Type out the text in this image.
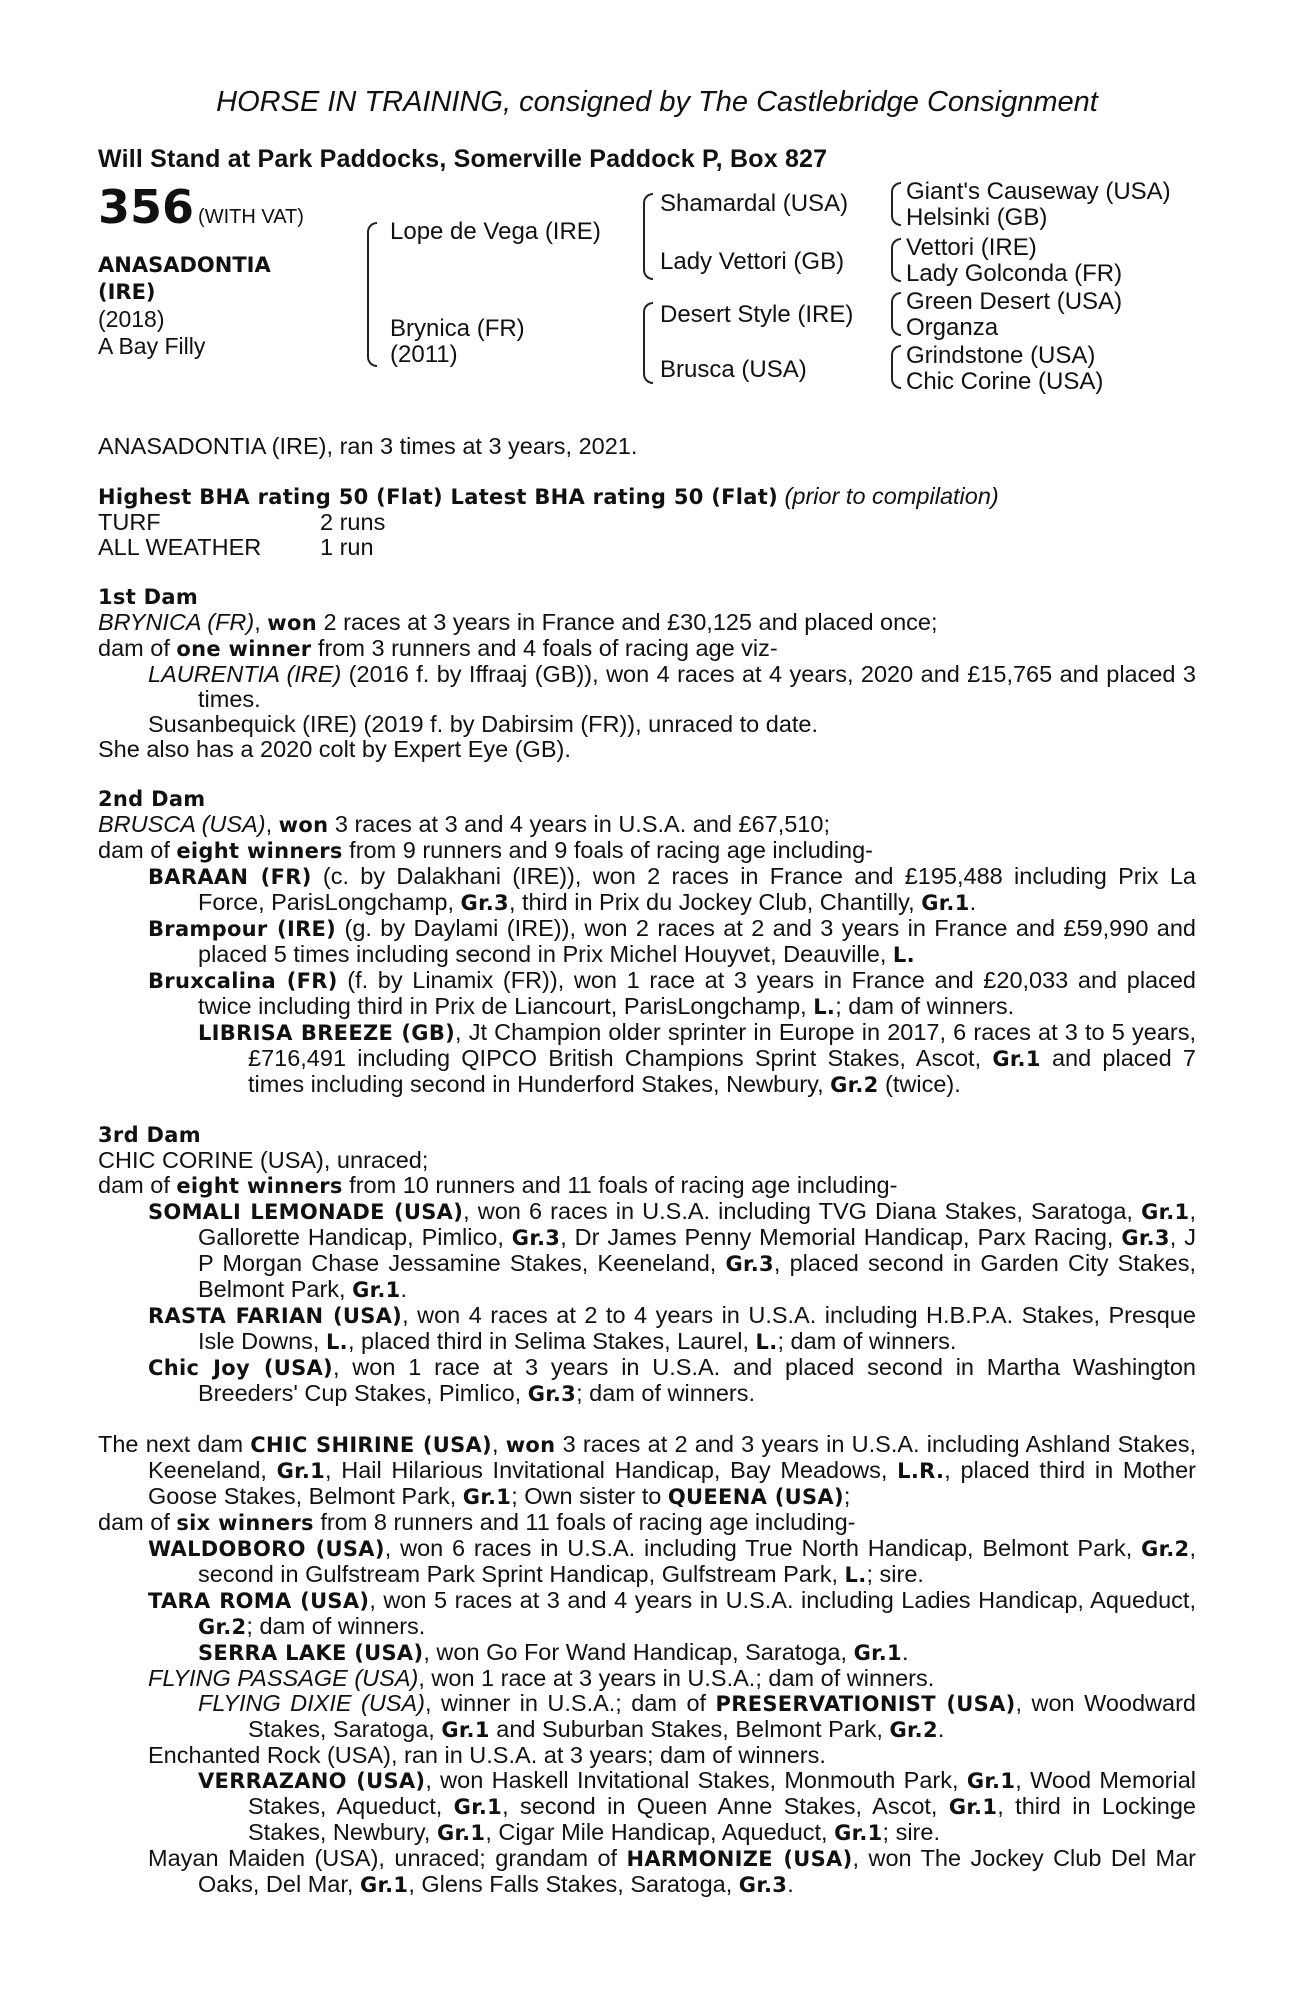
HORSE IN TRAINING, consigned by The Castlebridge Consignment
Will Stand at Park Paddocks, Somerville Paddock P, Box 827
356 (WITH VAT)
ANASADONTIA
(IRE)
(2018)
A Bay Filly
Lope de Vega (IRE)
Brynica (FR)
(2011)
Shamardal (USA)
Lady Vettori (GB)
Desert Style (IRE)
Brusca (USA)
Giant's Causeway (USA)
Helsinki (GB)
Vettori (IRE)
Lady Golconda (FR)
Green Desert (USA)
Organza
Grindstone (USA)
Chic Corine (USA)
ANASADONTIA (IRE), ran 3 times at 3 years, 2021.
Highest BHA rating 50 (Flat) Latest BHA rating 50 (Flat) (prior to compilation)
TURF	2 runs
ALL WEATHER	1 run
1st Dam
BRYNICA (FR), won 2 races at 3 years in France and £30,125 and placed once;
dam of one winner from 3 runners and 4 foals of racing age viz-
LAURENTIA (IRE) (2016 f. by Iffraaj (GB)), won 4 races at 4 years, 2020 and £15,765 and placed 3 times.
Susanbequick (IRE) (2019 f. by Dabirsim (FR)), unraced to date.
She also has a 2020 colt by Expert Eye (GB).
2nd Dam
BRUSCA (USA), won 3 races at 3 and 4 years in U.S.A. and £67,510;
dam of eight winners from 9 runners and 9 foals of racing age including-
BARAAN (FR) (c. by Dalakhani (IRE)), won 2 races in France and £195,488 including Prix La Force, ParisLongchamp, Gr.3, third in Prix du Jockey Club, Chantilly, Gr.1.
Brampour (IRE) (g. by Daylami (IRE)), won 2 races at 2 and 3 years in France and £59,990 and placed 5 times including second in Prix Michel Houyvet, Deauville, L.
Bruxcalina (FR) (f. by Linamix (FR)), won 1 race at 3 years in France and £20,033 and placed twice including third in Prix de Liancourt, ParisLongchamp, L.; dam of winners.
LIBRISA BREEZE (GB), Jt Champion older sprinter in Europe in 2017, 6 races at 3 to 5 years, £716,491 including QIPCO British Champions Sprint Stakes, Ascot, Gr.1 and placed 7 times including second in Hunderford Stakes, Newbury, Gr.2 (twice).
3rd Dam
CHIC CORINE (USA), unraced;
dam of eight winners from 10 runners and 11 foals of racing age including-
SOMALI LEMONADE (USA), won 6 races in U.S.A. including TVG Diana Stakes, Saratoga, Gr.1, Gallorette Handicap, Pimlico, Gr.3, Dr James Penny Memorial Handicap, Parx Racing, Gr.3, J P Morgan Chase Jessamine Stakes, Keeneland, Gr.3, placed second in Garden City Stakes, Belmont Park, Gr.1.
RASTA FARIAN (USA), won 4 races at 2 to 4 years in U.S.A. including H.B.P.A. Stakes, Presque Isle Downs, L., placed third in Selima Stakes, Laurel, L.; dam of winners.
Chic Joy (USA), won 1 race at 3 years in U.S.A. and placed second in Martha Washington Breeders' Cup Stakes, Pimlico, Gr.3; dam of winners.
The next dam CHIC SHIRINE (USA), won 3 races at 2 and 3 years in U.S.A. including Ashland Stakes, Keeneland, Gr.1, Hail Hilarious Invitational Handicap, Bay Meadows, L.R., placed third in Mother Goose Stakes, Belmont Park, Gr.1; Own sister to QUEENA (USA);
dam of six winners from 8 runners and 11 foals of racing age including-
WALDOBORO (USA), won 6 races in U.S.A. including True North Handicap, Belmont Park, Gr.2, second in Gulfstream Park Sprint Handicap, Gulfstream Park, L.; sire.
TARA ROMA (USA), won 5 races at 3 and 4 years in U.S.A. including Ladies Handicap, Aqueduct, Gr.2; dam of winners.
SERRA LAKE (USA), won Go For Wand Handicap, Saratoga, Gr.1.
FLYING PASSAGE (USA), won 1 race at 3 years in U.S.A.; dam of winners.
FLYING DIXIE (USA), winner in U.S.A.; dam of PRESERVATIONIST (USA), won Woodward Stakes, Saratoga, Gr.1 and Suburban Stakes, Belmont Park, Gr.2.
Enchanted Rock (USA), ran in U.S.A. at 3 years; dam of winners.
VERRAZANO (USA), won Haskell Invitational Stakes, Monmouth Park, Gr.1, Wood Memorial Stakes, Aqueduct, Gr.1, second in Queen Anne Stakes, Ascot, Gr.1, third in Lockinge Stakes, Newbury, Gr.1, Cigar Mile Handicap, Aqueduct, Gr.1; sire.
Mayan Maiden (USA), unraced; grandam of HARMONIZE (USA), won The Jockey Club Del Mar Oaks, Del Mar, Gr.1, Glens Falls Stakes, Saratoga, Gr.3.
